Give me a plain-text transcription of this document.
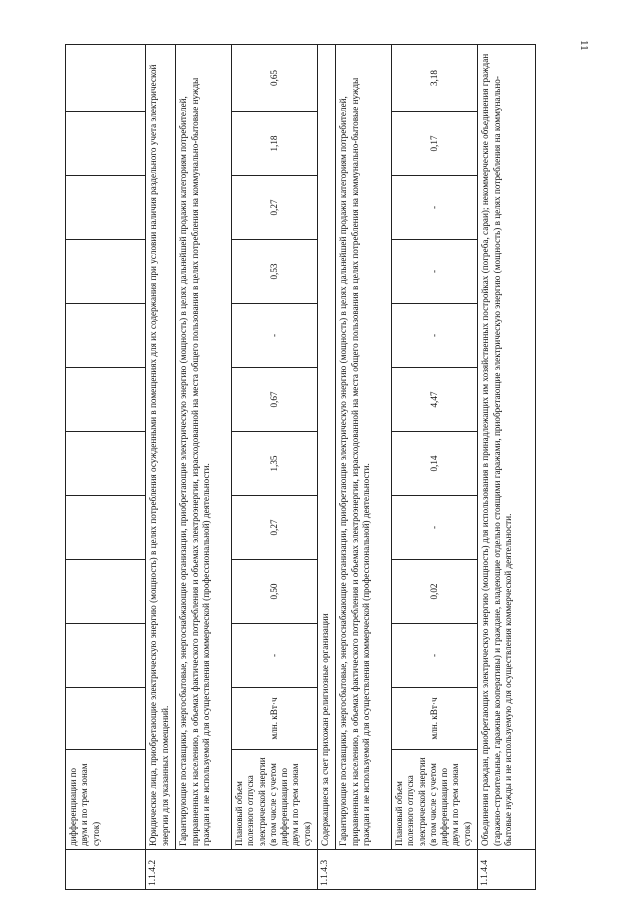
11
	дифференциации по двум и по трем зонам суток)											
1.1.4.2	Юридические лица, приобретающие электрическую энергию (мощность) в целях потребления осужденными в помещениях для их содержания при условии наличия раздельного учета электрической энергии для указанных помещений.											
	Гарантирующие поставщики, энергосбытовые, энергоснабжающие организации, приобретающие электрическую энергию (мощность) в целях дальнейшей продажи категориям потребителей, приравненных к населению, в объемах фактического потребления и объемах электроэнергии, израсходованной на места общего пользования в целях потребления на коммунально-бытовые нужды граждан и не используемой для осуществления коммерческой (профессиональной) деятельности.											
	Плановый объем полезного отпуска электрической энергии (в том числе с учетом дифференциации по двум и по трем зонам суток)	млн. кВт·ч	-	0,50	0,27	1,35	0,67	-	0,53	0,27	1,18	0,65
1.1.4.3	Содержащиеся за счет прихожан религиозные организации											
	Гарантирующие поставщики, энергосбытовые, энергоснабжающие организации, приобретающие электрическую энергию (мощность) в целях дальнейшей продажи категориям потребителей, приравненных к населению, в объемах фактического потребления и объемах электроэнергии, израсходованной на места общего пользования в целях потребления на коммунально-бытовые нужды граждан и не используемой для осуществления коммерческой (профессиональной) деятельности.											
	Плановый объем полезного отпуска электрической энергии (в том числе с учетом дифференциации по двум и по трем зонам суток)	млн. кВт·ч	-	0,02	-	0,14	4,47	-	-	-	0,17	3,18
1.1.4.4	Объединения граждан, приобретающих электрическую энергию (мощность) для использования в принадлежащих им хозяйственных постройках (погреба, сараи); некоммерческие объединения граждан (гаражно-строительные, гаражные кооперативы) и граждане, владеющие отдельно стоящими гаражами, приобретающие электрическую энергию (мощность) в целях потребления на коммунально-бытовые нужды и не используемую для осуществления коммерческой деятельности.											
